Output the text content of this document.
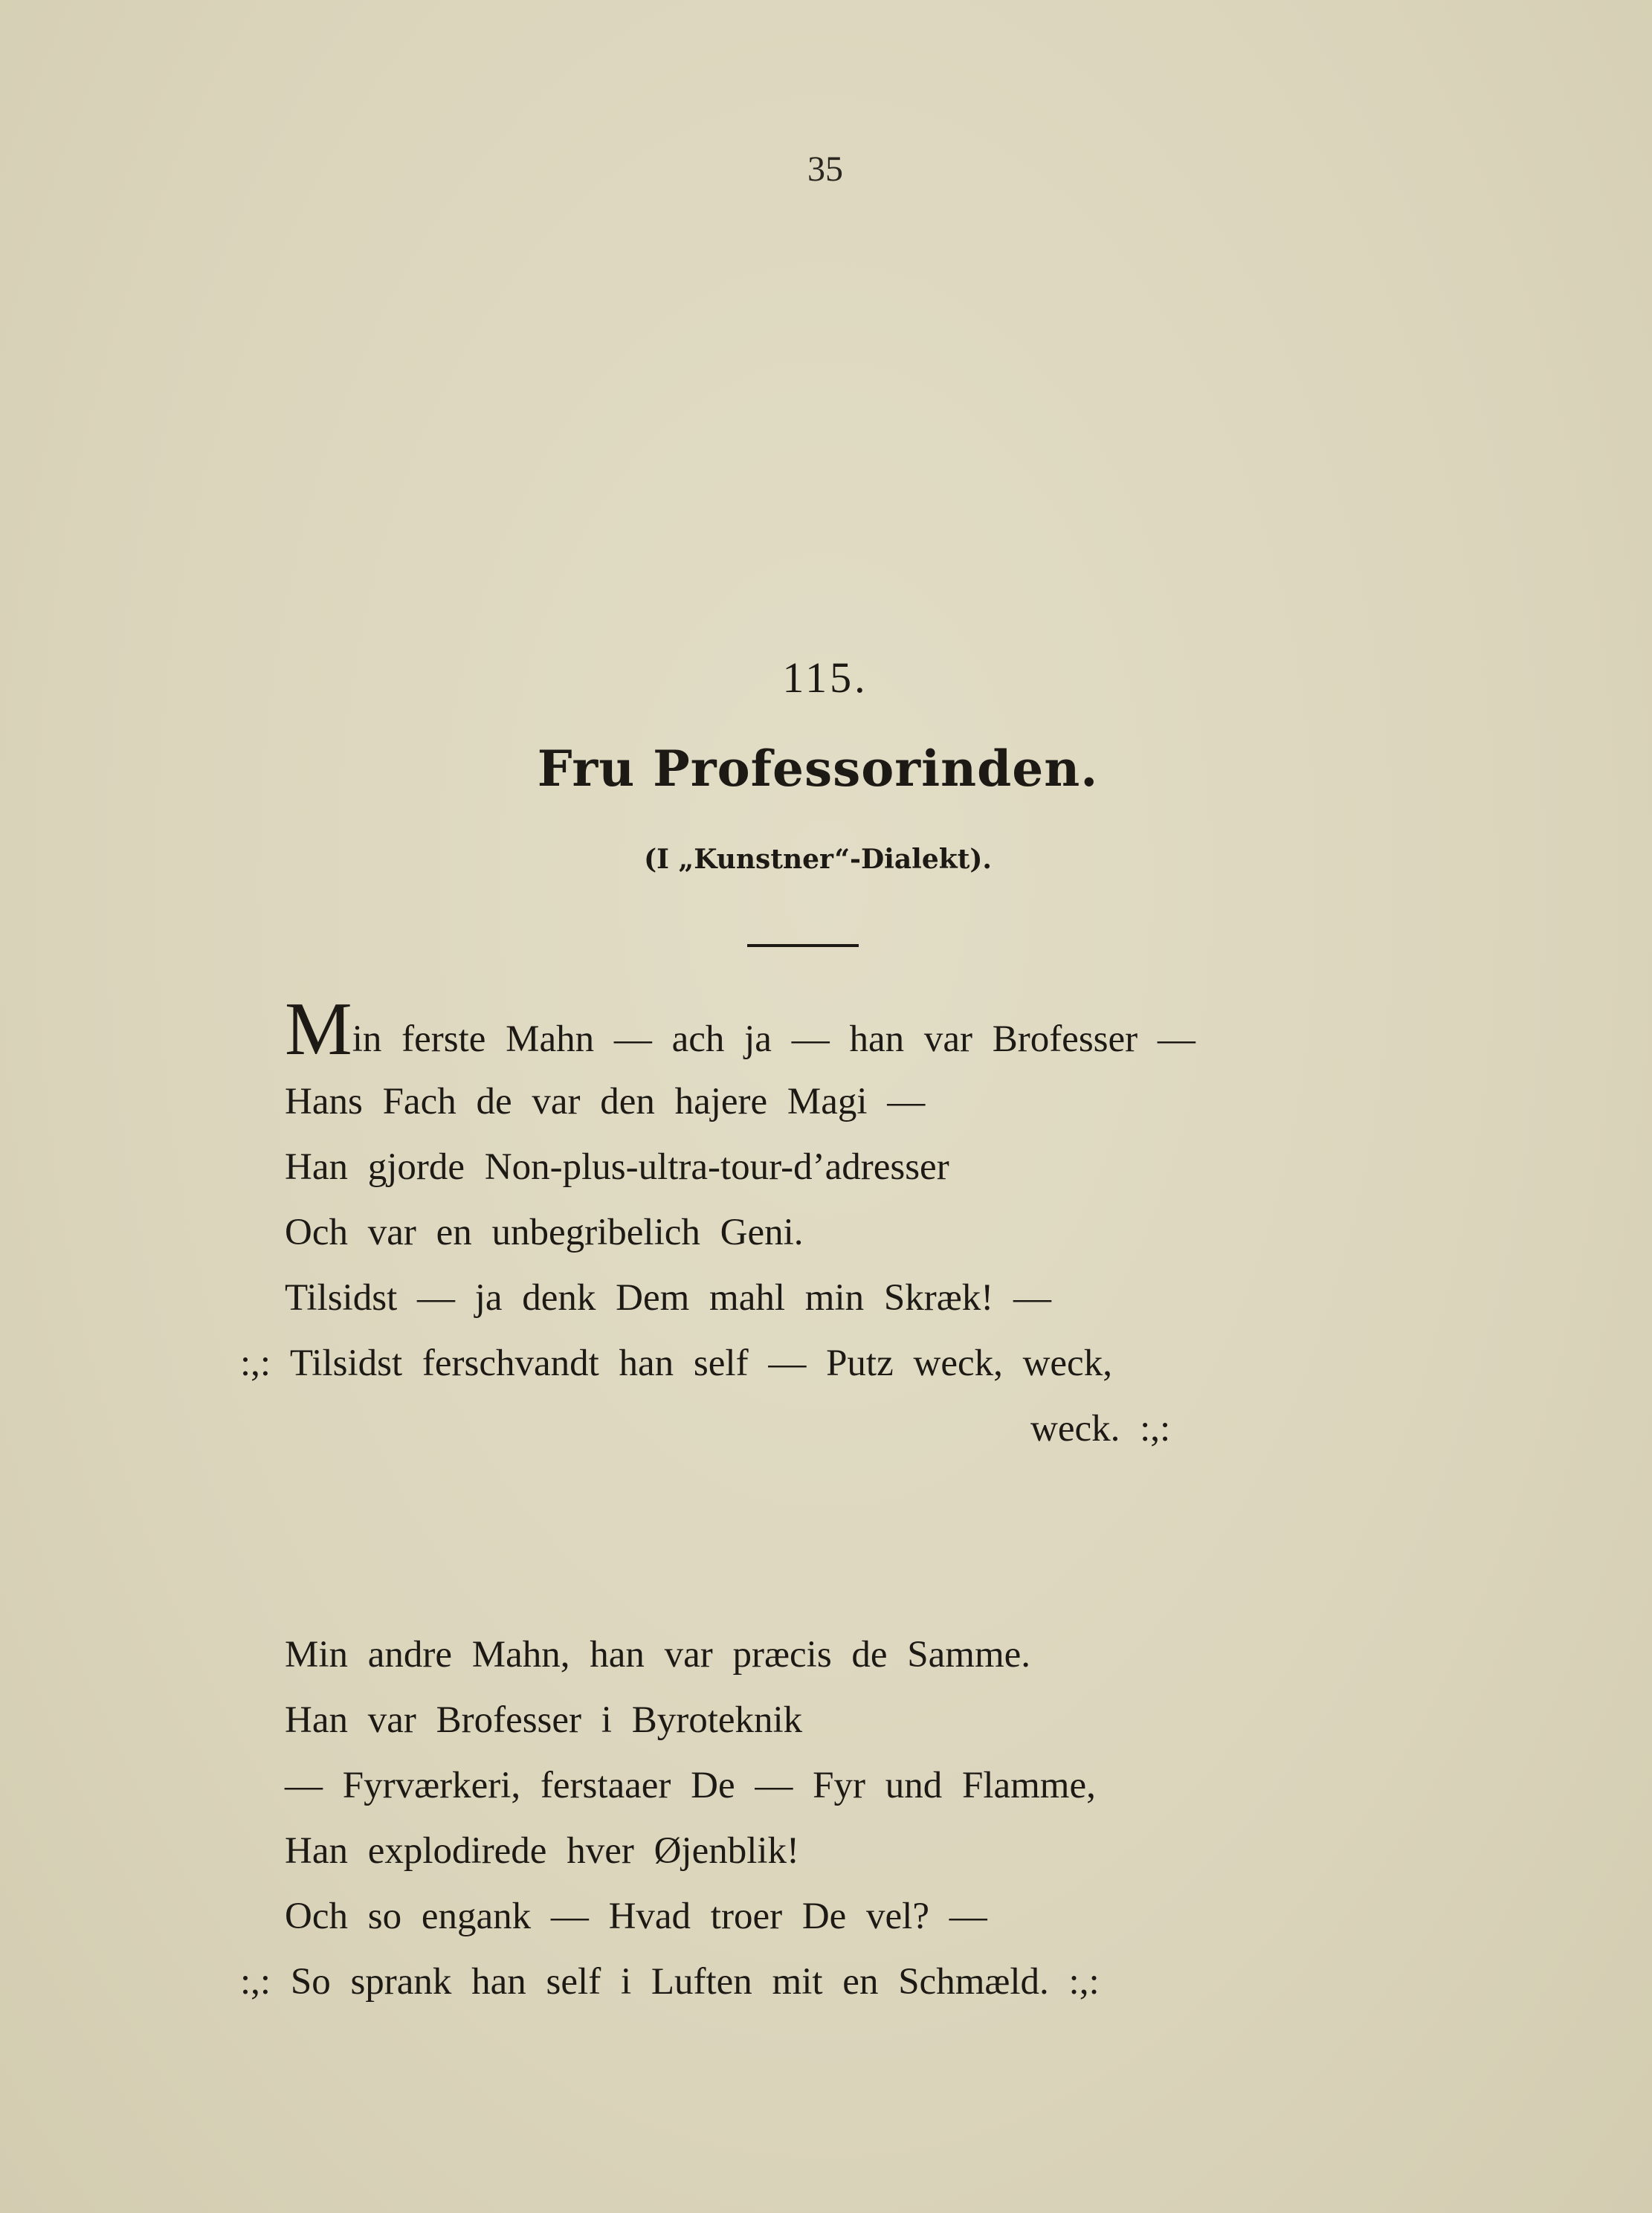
35
115.
Fru Professorinden.
(I „Kunstner“-Dialekt).
Min ferste Mahn — ach ja — han var Brofesser —
Hans Fach de var den hajere Magi —
Han gjorde Non-plus-ultra-tour-d’adresser
Och var en unbegribelich Geni.
Tilsidst — ja denk Dem mahl min Skræk! —
:,: Tilsidst ferschvandt han self — Putz weck, weck,
weck. :,:
Min andre Mahn, han var præcis de Samme.
Han var Brofesser i Byroteknik
— Fyrværkeri, ferstaaer De — Fyr und Flamme,
Han explodirede hver Øjenblik!
Och so engank — Hvad troer De vel? —
:,: So sprank han self i Luften mit en Schmæld. :,:
